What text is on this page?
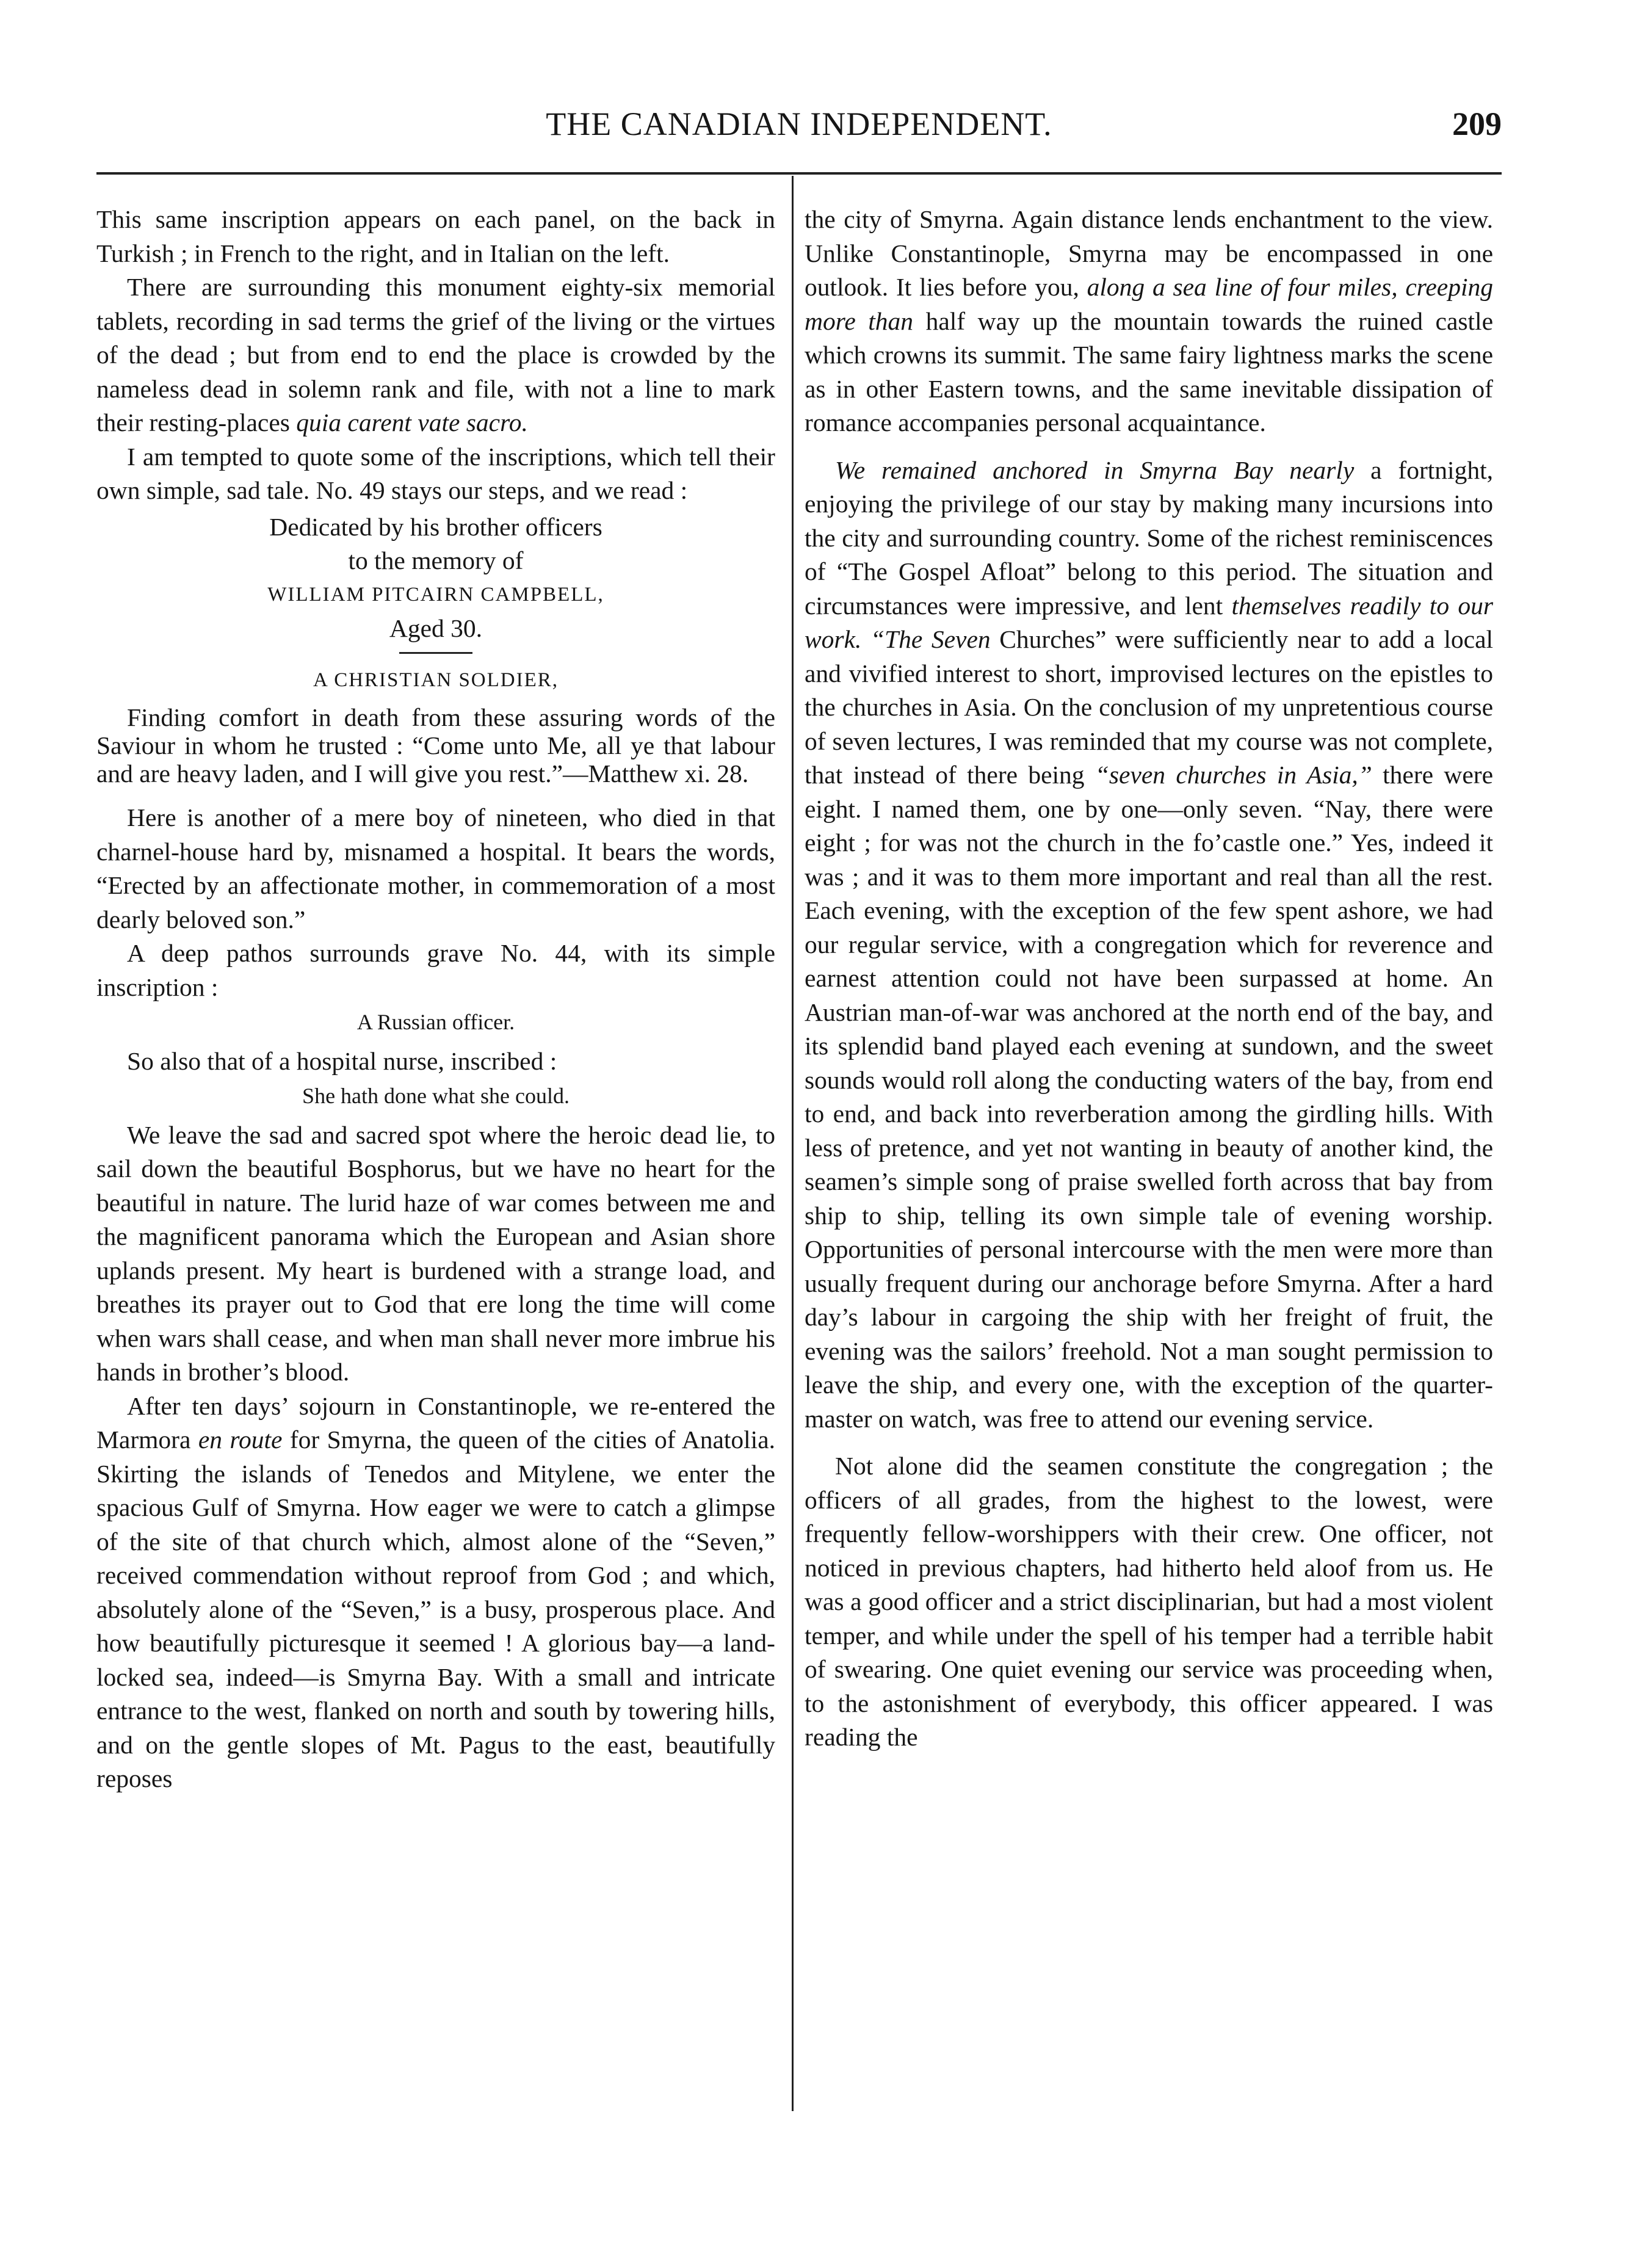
THE CANADIAN INDEPENDENT.	209

This same inscription appears on each panel, on the back in Turkish ; in French to the right, and in Italian on the left.

There are surrounding this monument eighty-six memorial tablets, recording in sad terms the grief of the living or the virtues of the dead ; but from end to end the place is crowded by the nameless dead in solemn rank and file, with not a line to mark their resting-places quia carent vate sacro.

I am tempted to quote some of the inscriptions, which tell their own simple, sad tale. No. 49 stays our steps, and we read :

Dedicated by his brother officers
to the memory of
WILLIAM PITCAIRN CAMPBELL,
Aged 30.
A CHRISTIAN SOLDIER,

Finding comfort in death from these assuring words of the Saviour in whom he trusted : “Come unto Me, all ye that labour and are heavy laden, and I will give you rest.”—Matthew xi. 28.

Here is another of a mere boy of nineteen, who died in that charnel-house hard by, misnamed a hospital. It bears the words, “Erected by an affectionate mother, in commemoration of a most dearly beloved son.”

A deep pathos surrounds grave No. 44, with its simple inscription :

A Russian officer.

So also that of a hospital nurse, inscribed :

She hath done what she could.

We leave the sad and sacred spot where the heroic dead lie, to sail down the beautiful Bosphorus, but we have no heart for the beautiful in nature. The lurid haze of war comes between me and the magnificent panorama which the European and Asian shore uplands present. My heart is burdened with a strange load, and breathes its prayer out to God that ere long the time will come when wars shall cease, and when man shall never more imbrue his hands in brother’s blood.

After ten days’ sojourn in Constantinople, we re-entered the Marmora en route for Smyrna, the queen of the cities of Anatolia. Skirting the islands of Tenedos and Mitylene, we enter the spacious Gulf of Smyrna. How eager we were to catch a glimpse of the site of that church which, almost alone of the “Seven,” received commendation without reproof from God ; and which, absolutely alone of the “Seven,” is a busy, prosperous place. And how beautifully picturesque it seemed ! A glorious bay—a land-locked sea, indeed—is Smyrna Bay. With a small and intricate entrance to the west, flanked on north and south by towering hills, and on the gentle slopes of Mt. Pagus to the east, beautifully reposes

the city of Smyrna. Again distance lends enchantment to the view. Unlike Constantinople, Smyrna may be encompassed in one outlook. It lies before you, along a sea line of four miles, creeping more than half way up the mountain towards the ruined castle which crowns its summit. The same fairy lightness marks the scene as in other Eastern towns, and the same inevitable dissipation of romance accompanies personal acquaintance.

We remained anchored in Smyrna Bay nearly a fortnight, enjoying the privilege of our stay by making many incursions into the city and surrounding country. Some of the richest reminiscences of “The Gospel Afloat” belong to this period. The situation and circumstances were impressive, and lent themselves readily to our work. “The Seven Churches” were sufficiently near to add a local and vivified interest to short, improvised lectures on the epistles to the churches in Asia. On the conclusion of my unpretentious course of seven lectures, I was reminded that my course was not complete, that instead of there being “seven churches in Asia,” there were eight. I named them, one by one—only seven. “Nay, there were eight ; for was not the church in the fo’castle one.” Yes, indeed it was ; and it was to them more important and real than all the rest. Each evening, with the exception of the few spent ashore, we had our regular service, with a congregation which for reverence and earnest attention could not have been surpassed at home. An Austrian man-of-war was anchored at the north end of the bay, and its splendid band played each evening at sundown, and the sweet sounds would roll along the conducting waters of the bay, from end to end, and back into reverberation among the girdling hills. With less of pretence, and yet not wanting in beauty of another kind, the seamen’s simple song of praise swelled forth across that bay from ship to ship, telling its own simple tale of evening worship. Opportunities of personal intercourse with the men were more than usually frequent during our anchorage before Smyrna. After a hard day’s labour in cargoing the ship with her freight of fruit, the evening was the sailors’ freehold. Not a man sought permission to leave the ship, and every one, with the exception of the quarter-master on watch, was free to attend our evening service.

Not alone did the seamen constitute the congregation ; the officers of all grades, from the highest to the lowest, were frequently fellow-worshippers with their crew. One officer, not noticed in previous chapters, had hitherto held aloof from us. He was a good officer and a strict disciplinarian, but had a most violent temper, and while under the spell of his temper had a terrible habit of swearing. One quiet evening our service was proceeding when, to the astonishment of everybody, this officer appeared. I was reading the
